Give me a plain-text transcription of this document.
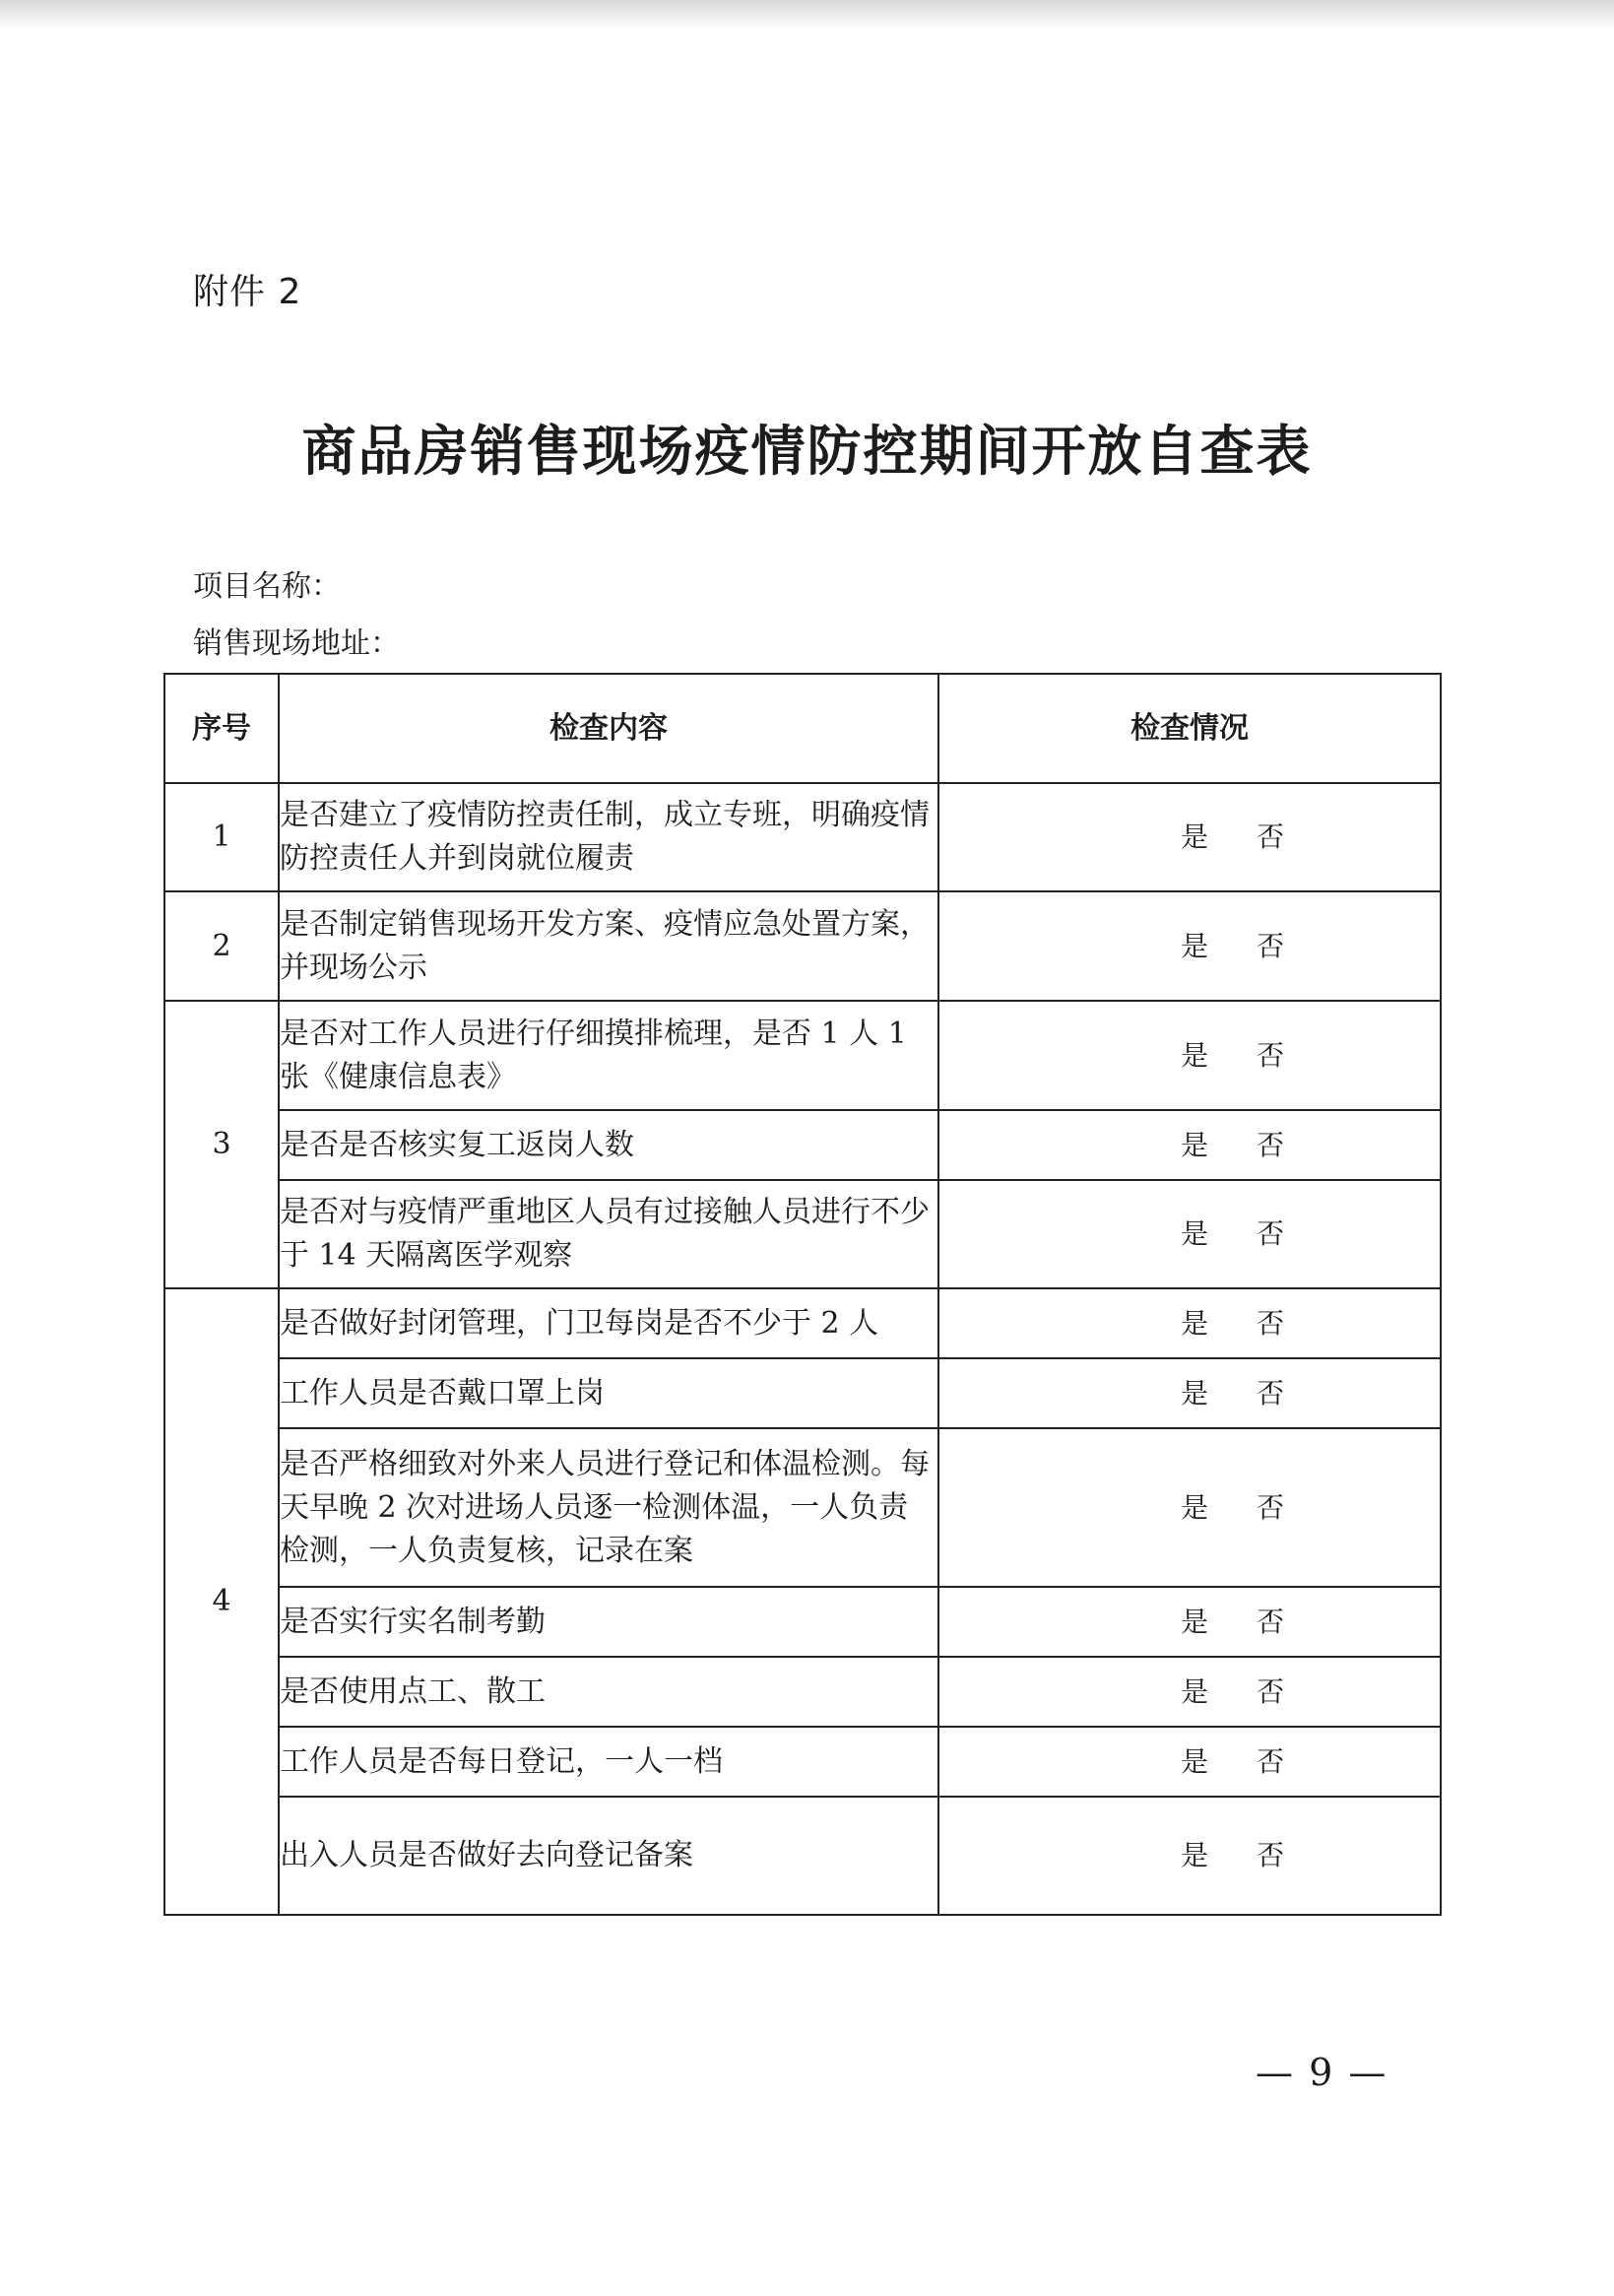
附件 2
商品房销售现场疫情防控期间开放自查表
项目名称：
销售现场地址：
序号	检查内容	检查情况
1	是否建立了疫情防控责任制，成立专班，明确疫情防控责任人并到岗就位履责	是 否

2	是否制定销售现场开发方案、疫情应急处置方案，并现场公示	是 否

3	是否对工作人员进行仔细摸排梳理，是否 1 人 1 张《健康信息表》	是 否

	是否是否核实复工返岗人数	是 否

	是否对与疫情严重地区人员有过接触人员进行不少于 14 天隔离医学观察	是 否

4	是否做好封闭管理，门卫每岗是否不少于 2 人	是 否

	工作人员是否戴口罩上岗	是 否

	是否严格细致对外来人员进行登记和体温检测。每天早晚 2 次对进场人员逐一检测体温，一人负责检测，一人负责复核，记录在案	是 否

	是否实行实名制考勤	是 否

	是否使用点工、散工	是 否

	工作人员是否每日登记，一人一档	是 否

	出入人员是否做好去向登记备案	是 否
— 9 —
